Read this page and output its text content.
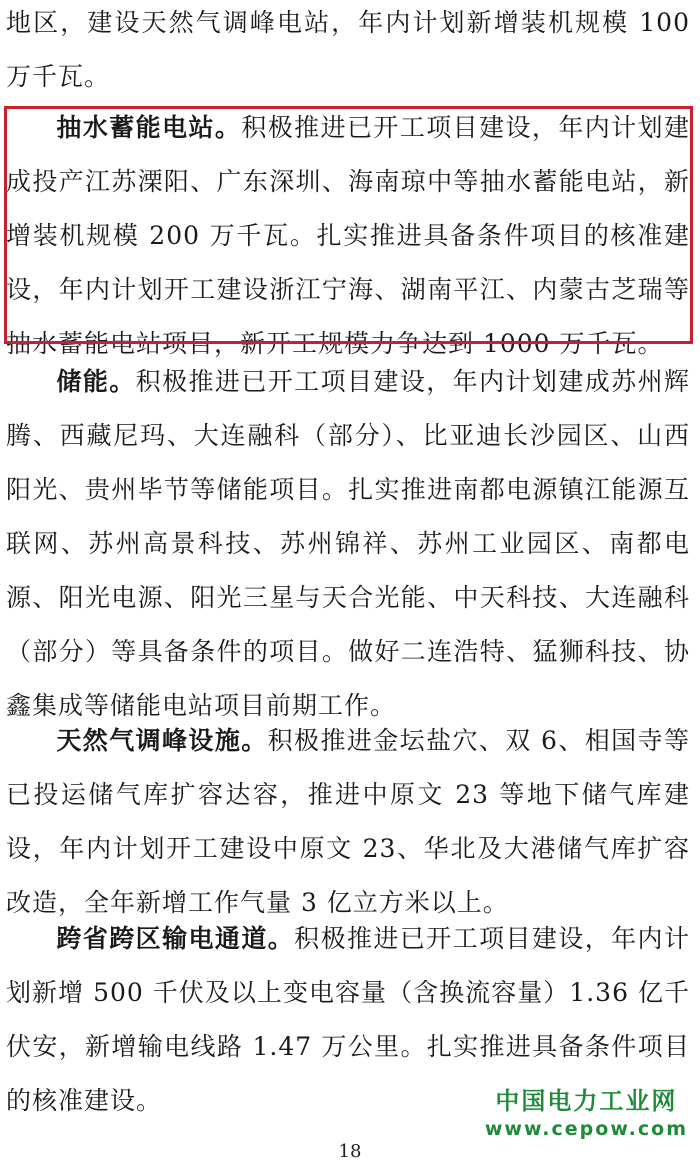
地区，建设天然气调峰电站，年内计划新增装机规模 100 万千瓦。

抽水蓄能电站。积极推进已开工项目建设，年内计划建成投产江苏溧阳、广东深圳、海南琼中等抽水蓄能电站，新增装机规模 200 万千瓦。扎实推进具备条件项目的核准建设，年内计划开工建设浙江宁海、湖南平江、内蒙古芝瑞等抽水蓄能电站项目，新开工规模力争达到 1000 万千瓦。

储能。积极推进已开工项目建设，年内计划建成苏州辉腾、西藏尼玛、大连融科（部分）、比亚迪长沙园区、山西阳光、贵州毕节等储能项目。扎实推进南都电源镇江能源互联网、苏州高景科技、苏州锦祥、苏州工业园区、南都电源、阳光电源、阳光三星与天合光能、中天科技、大连融科（部分）等具备条件的项目。做好二连浩特、猛狮科技、协鑫集成等储能电站项目前期工作。

天然气调峰设施。积极推进金坛盐穴、双 6、相国寺等已投运储气库扩容达容，推进中原文 23 等地下储气库建设，年内计划开工建设中原文 23、华北及大港储气库扩容改造，全年新增工作气量 3 亿立方米以上。

跨省跨区输电通道。积极推进已开工项目建设，年内计划新增 500 千伏及以上变电容量（含换流容量）1.36 亿千伏安，新增输电线路 1.47 万公里。扎实推进具备条件项目的核准建设。	中国电力工业网
www.cepow.com
18
